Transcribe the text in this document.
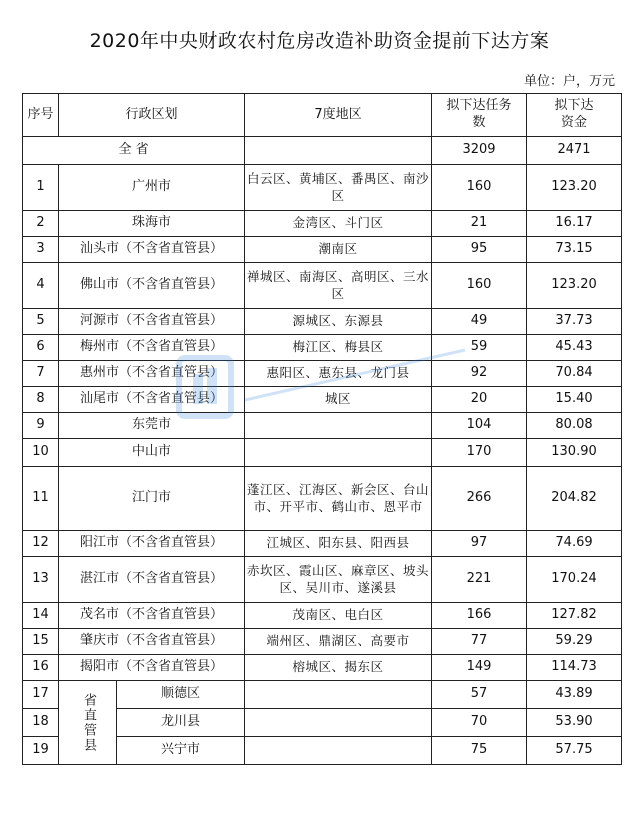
2020年中央财政农村危房改造补助资金提前下达方案
单位：户，万元
序号	行政区划		7度地区	拟下达任务数	拟下达资金
全 省				3209	2471
1	广州市		白云区、黄埔区、番禺区、南沙区	160	123.20
2	珠海市		金湾区、斗门区	21	16.17
3	汕头市（不含省直管县）		潮南区	95	73.15
4	佛山市（不含省直管县）		禅城区、南海区、高明区、三水区	160	123.20
5	河源市（不含省直管县）		源城区、东源县	49	37.73
6	梅州市（不含省直管县）		梅江区、梅县区	59	45.43
7	惠州市（不含省直管县）		惠阳区、惠东县、龙门县	92	70.84
8	汕尾市（不含省直管县）		城区	20	15.40
9	东莞市			104	80.08
10	中山市			170	130.90
11	江门市		蓬江区、江海区、新会区、台山市、开平市、鹤山市、恩平市	266	204.82
12	阳江市（不含省直管县）		江城区、阳东县、阳西县	97	74.69
13	湛江市（不含省直管县）		赤坎区、霞山区、麻章区、坡头区、吴川市、遂溪县	221	170.24
14	茂名市（不含省直管县）		茂南区、电白区	166	127.82
15	肇庆市（不含省直管县）		端州区、鼎湖区、高要市	77	59.29
16	揭阳市（不含省直管县）		榕城区、揭东区	149	114.73
17	省直管县	顺德区		57	43.89
18		龙川县		70	53.90
19		兴宁市		75	57.75
